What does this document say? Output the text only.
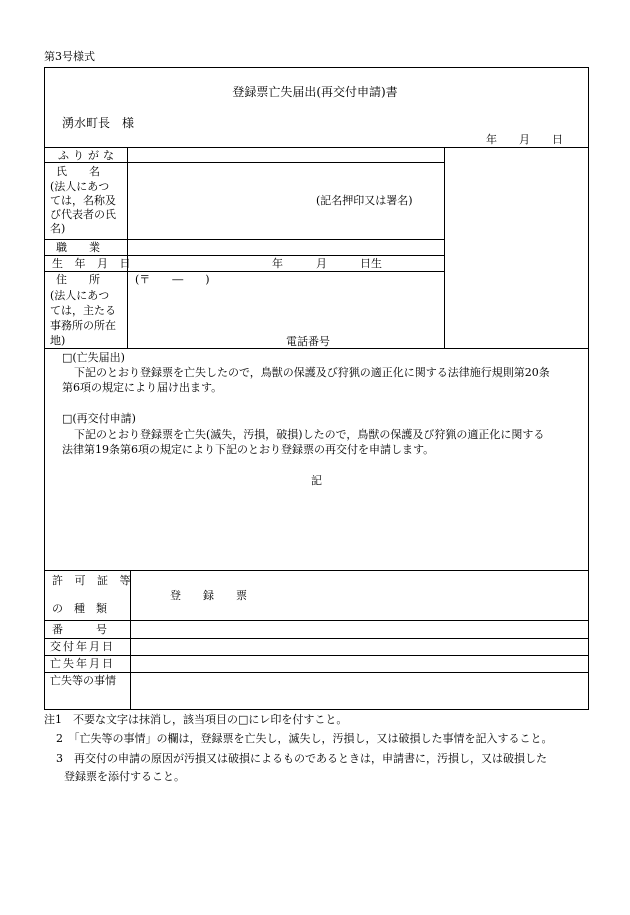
第3号様式
登録票亡失届出(再交付申請)書
湧水町長　様
年　　月　　日
ふりがな
氏　　名
(法人にあつ
ては，名称及
び代表者の氏
名)
(記名押印又は署名)
職　　業
生 年 月 日	年　　　月　　　日生
住　　所
(法人にあつ
ては，主たる
事務所の所在
地)
(〒　　―　　)
電話番号
□(亡失届出)
下記のとおり登録票を亡失したので，鳥獣の保護及び狩猟の適正化に関する法律施行規則第20条
第6項の規定により届け出ます。
□(再交付申請)
下記のとおり登録票を亡失(滅失，汚損，破損)したので，鳥獣の保護及び狩猟の適正化に関する
法律第19条第6項の規定により下記のとおり登録票の再交付を申請します。
記
許 可 証 等
の　種　類
登　　録　　票
番　　　号
交付年月日
亡失年月日
亡失等の事情
注1　不要な文字は抹消し，該当項目の□にレ印を付すこと。
2　「亡失等の事情」の欄は，登録票を亡失し，滅失し，汚損し，又は破損した事情を記入すること。
3　再交付の申請の原因が汚損又は破損によるものであるときは，申請書に，汚損し，又は破損した
登録票を添付すること。
